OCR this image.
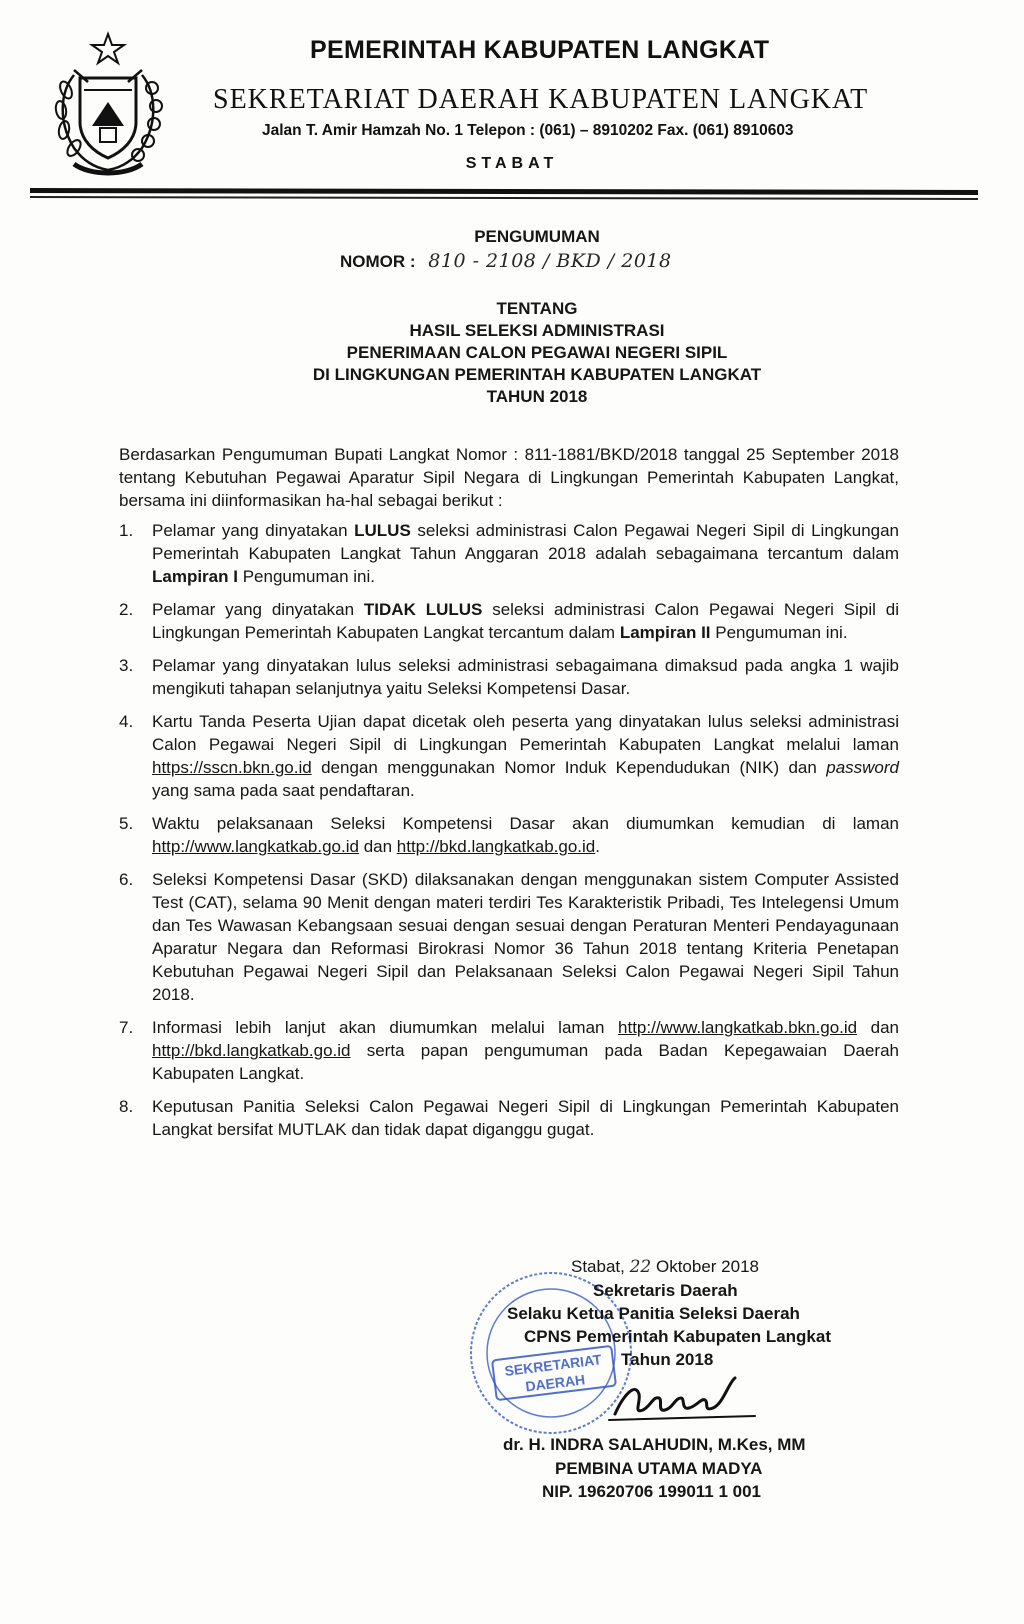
PEMERINTAH KABUPATEN LANGKAT
SEKRETARIAT DAERAH KABUPATEN LANGKAT
Jalan T. Amir Hamzah No. 1 Telepon : (061) – 8910202 Fax. (061) 8910603
STABAT
PENGUMUMAN
NOMOR : 810 - 2108 / BKD / 2018
TENTANG
HASIL SELEKSI ADMINISTRASI
PENERIMAAN CALON PEGAWAI NEGERI SIPIL
DI LINGKUNGAN PEMERINTAH KABUPATEN LANGKAT
TAHUN 2018

Berdasarkan Pengumuman Bupati Langkat Nomor : 811-1881/BKD/2018 tanggal 25 September 2018 tentang Kebutuhan Pegawai Aparatur Sipil Negara di Lingkungan Pemerintah Kabupaten Langkat, bersama ini diinformasikan ha-hal sebagai berikut :

1. Pelamar yang dinyatakan LULUS seleksi administrasi Calon Pegawai Negeri Sipil di Lingkungan Pemerintah Kabupaten Langkat Tahun Anggaran 2018 adalah sebagaimana tercantum dalam Lampiran I Pengumuman ini.
2. Pelamar yang dinyatakan TIDAK LULUS seleksi administrasi Calon Pegawai Negeri Sipil di Lingkungan Pemerintah Kabupaten Langkat tercantum dalam Lampiran II Pengumuman ini.
3. Pelamar yang dinyatakan lulus seleksi administrasi sebagaimana dimaksud pada angka 1 wajib mengikuti tahapan selanjutnya yaitu Seleksi Kompetensi Dasar.
4. Kartu Tanda Peserta Ujian dapat dicetak oleh peserta yang dinyatakan lulus seleksi administrasi Calon Pegawai Negeri Sipil di Lingkungan Pemerintah Kabupaten Langkat melalui laman https://sscn.bkn.go.id dengan menggunakan Nomor Induk Kependudukan (NIK) dan password yang sama pada saat pendaftaran.
5. Waktu pelaksanaan Seleksi Kompetensi Dasar akan diumumkan kemudian di laman http://www.langkatkab.go.id dan http://bkd.langkatkab.go.id.
6. Seleksi Kompetensi Dasar (SKD) dilaksanakan dengan menggunakan sistem Computer Assisted Test (CAT), selama 90 Menit dengan materi terdiri Tes Karakteristik Pribadi, Tes Intelegensi Umum dan Tes Wawasan Kebangsaan sesuai dengan sesuai dengan Peraturan Menteri Pendayagunaan Aparatur Negara dan Reformasi Birokrasi Nomor 36 Tahun 2018 tentang Kriteria Penetapan Kebutuhan Pegawai Negeri Sipil dan Pelaksanaan Seleksi Calon Pegawai Negeri Sipil Tahun 2018.
7. Informasi lebih lanjut akan diumumkan melalui laman http://www.langkatkab.bkn.go.id dan http://bkd.langkatkab.go.id serta papan pengumuman pada Badan Kepegawaian Daerah Kabupaten Langkat.
8. Keputusan Panitia Seleksi Calon Pegawai Negeri Sipil di Lingkungan Pemerintah Kabupaten Langkat bersifat MUTLAK dan tidak dapat diganggu gugat.
SEKRETARIAT DAERAH
Stabat, 22 Oktober 2018
Sekretaris Daerah
Selaku Ketua Panitia Seleksi Daerah
CPNS Pemerintah Kabupaten Langkat
Tahun 2018
dr. H. INDRA SALAHUDIN, M.Kes, MM
PEMBINA UTAMA MADYA
NIP. 19620706 199011 1 001
